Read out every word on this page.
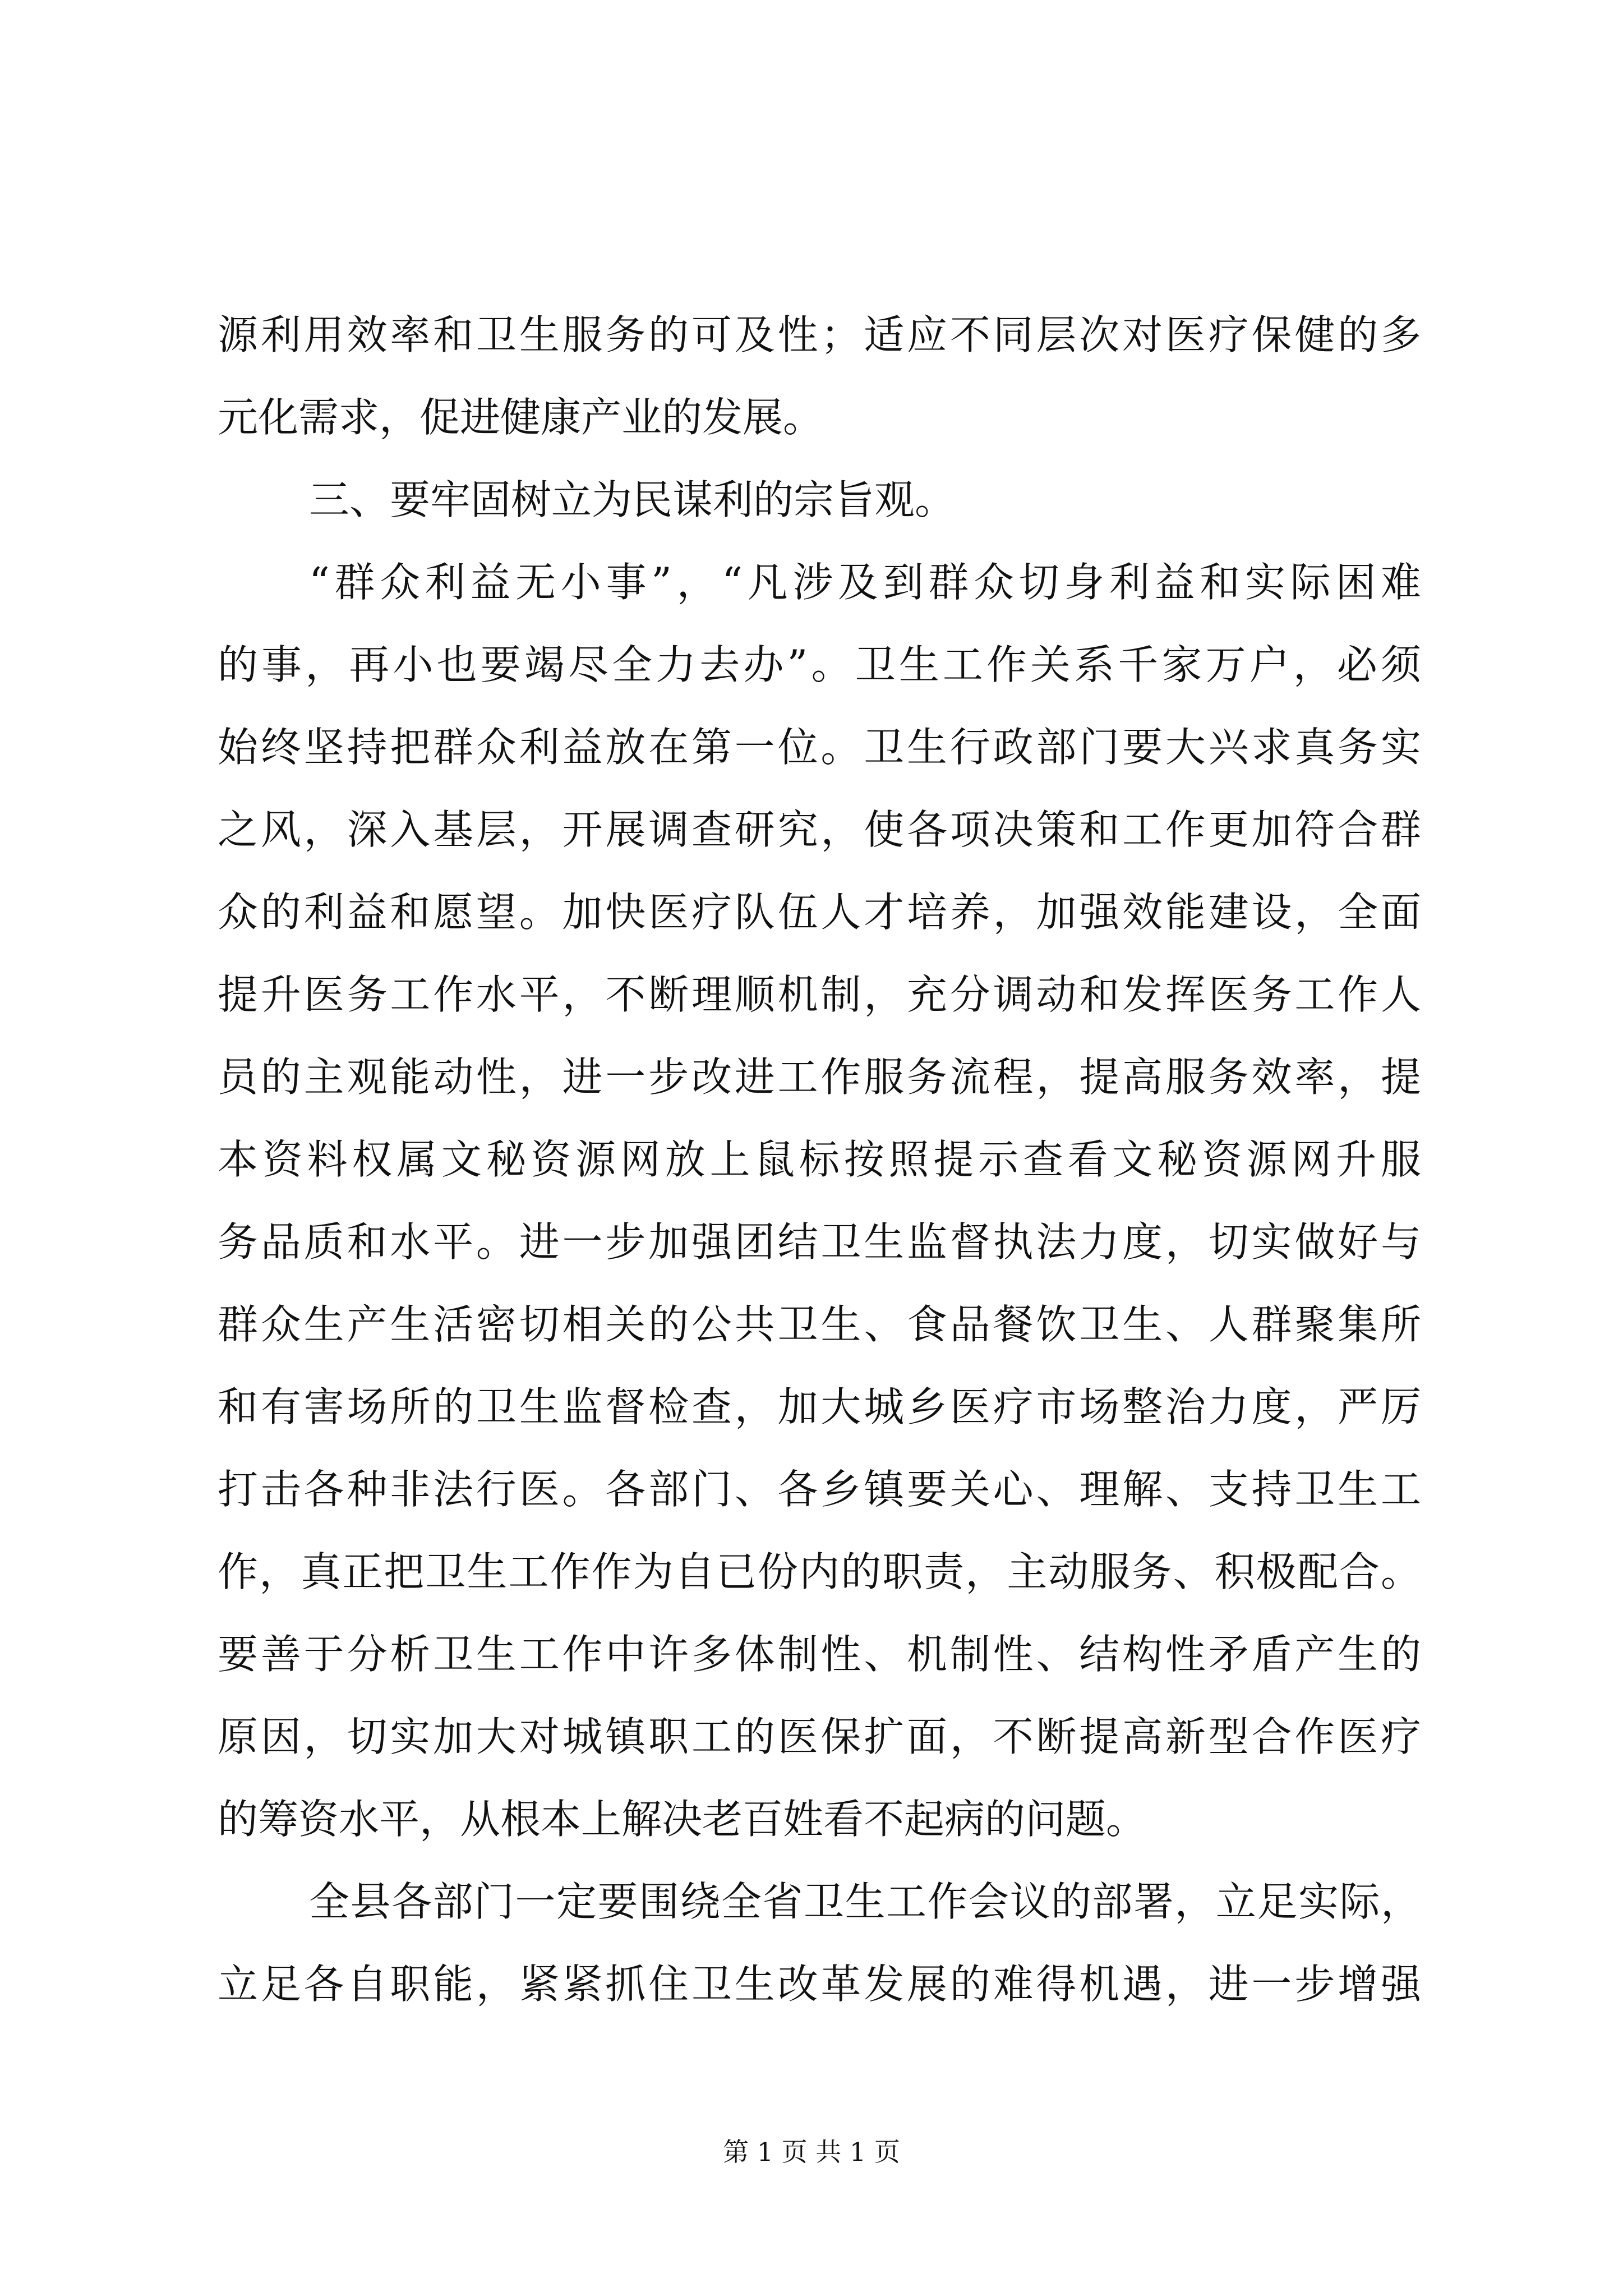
源利用效率和卫生服务的可及性；适应不同层次对医疗保健的多
元化需求，促进健康产业的发展。
三、要牢固树立为民谋利的宗旨观。
“群众利益无小事”，“凡涉及到群众切身利益和实际困难
的事，再小也要竭尽全力去办”。卫生工作关系千家万户，必须
始终坚持把群众利益放在第一位。卫生行政部门要大兴求真务实
之风，深入基层，开展调查研究，使各项决策和工作更加符合群
众的利益和愿望。加快医疗队伍人才培养，加强效能建设，全面
提升医务工作水平，不断理顺机制，充分调动和发挥医务工作人
员的主观能动性，进一步改进工作服务流程，提高服务效率，提
本资料权属文秘资源网放上鼠标按照提示查看文秘资源网升服
务品质和水平。进一步加强团结卫生监督执法力度，切实做好与
群众生产生活密切相关的公共卫生、食品餐饮卫生、人群聚集所
和有害场所的卫生监督检查，加大城乡医疗市场整治力度，严厉
打击各种非法行医。各部门、各乡镇要关心、理解、支持卫生工
作，真正把卫生工作作为自已份内的职责，主动服务、积极配合。
要善于分析卫生工作中许多体制性、机制性、结构性矛盾产生的
原因，切实加大对城镇职工的医保扩面，不断提高新型合作医疗
的筹资水平，从根本上解决老百姓看不起病的问题。
全县各部门一定要围绕全省卫生工作会议的部署，立足实际，
立足各自职能，紧紧抓住卫生改革发展的难得机遇，进一步增强
第 1 页 共 1 页
